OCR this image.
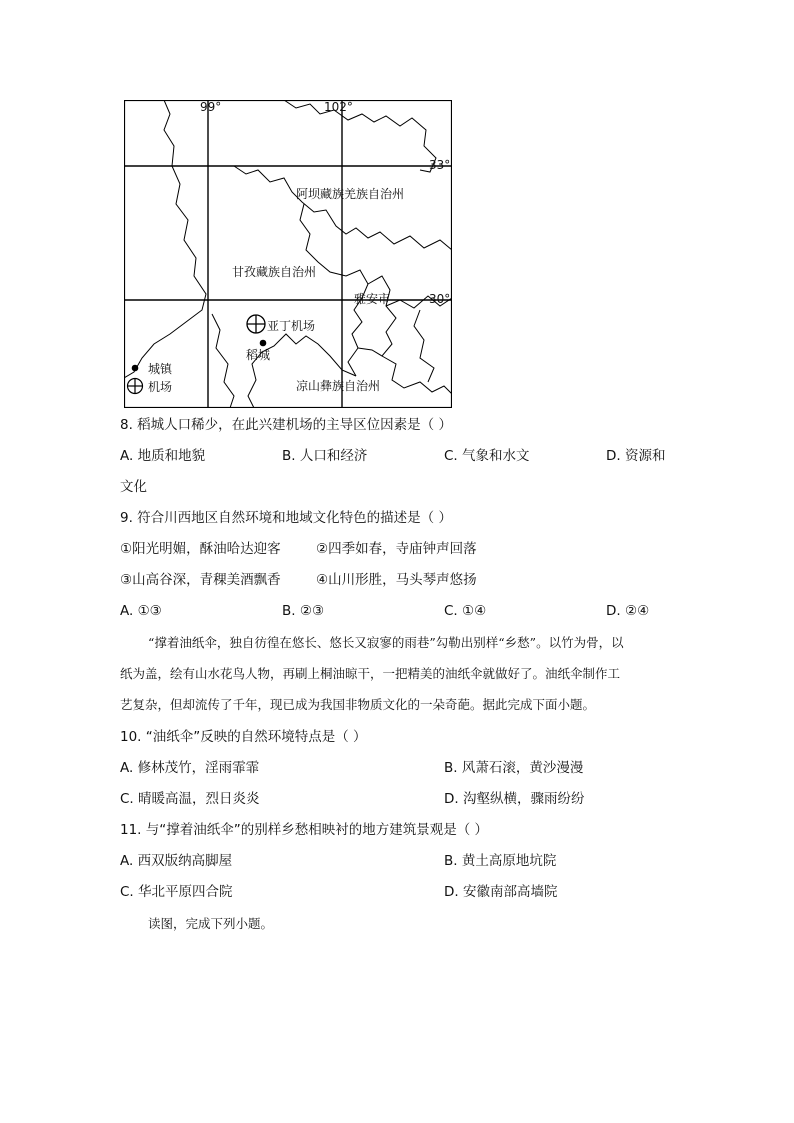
99°	102°
33°
30°
阿坝藏族羌族自治州
甘孜藏族自治州
雅安市
凉山彝族自治州
亚丁机场
稻城
城镇
机场
8. 稻城人口稀少，在此兴建机场的主导区位因素是（ ）
A. 地质和地貌	B. 人口和经济	C. 气象和水文	D. 资源和
文化
9. 符合川西地区自然环境和地域文化特色的描述是（ ）
①阳光明媚，酥油哈达迎客	②四季如春，寺庙钟声回落
③山高谷深，青稞美酒飘香	④山川形胜，马头琴声悠扬
A. ①③	B. ②③	C. ①④	D. ②④
“撑着油纸伞，独自彷徨在悠长、悠长又寂寥的雨巷”勾勒出别样“乡愁”。以竹为骨，以
纸为盖，绘有山水花鸟人物，再刷上桐油晾干，一把精美的油纸伞就做好了。油纸伞制作工
艺复杂，但却流传了千年，现已成为我国非物质文化的一朵奇葩。据此完成下面小题。
10. “油纸伞”反映的自然环境特点是（ ）
A. 修林茂竹，淫雨霏霏	B. 风萧石滚，黄沙漫漫
C. 晴暖高温，烈日炎炎	D. 沟壑纵横，骤雨纷纷
11. 与“撑着油纸伞”的别样乡愁相映衬的地方建筑景观是（ ）
A. 西双版纳高脚屋	B. 黄土高原地坑院
C. 华北平原四合院	D. 安徽南部高墙院
读图，完成下列小题。
